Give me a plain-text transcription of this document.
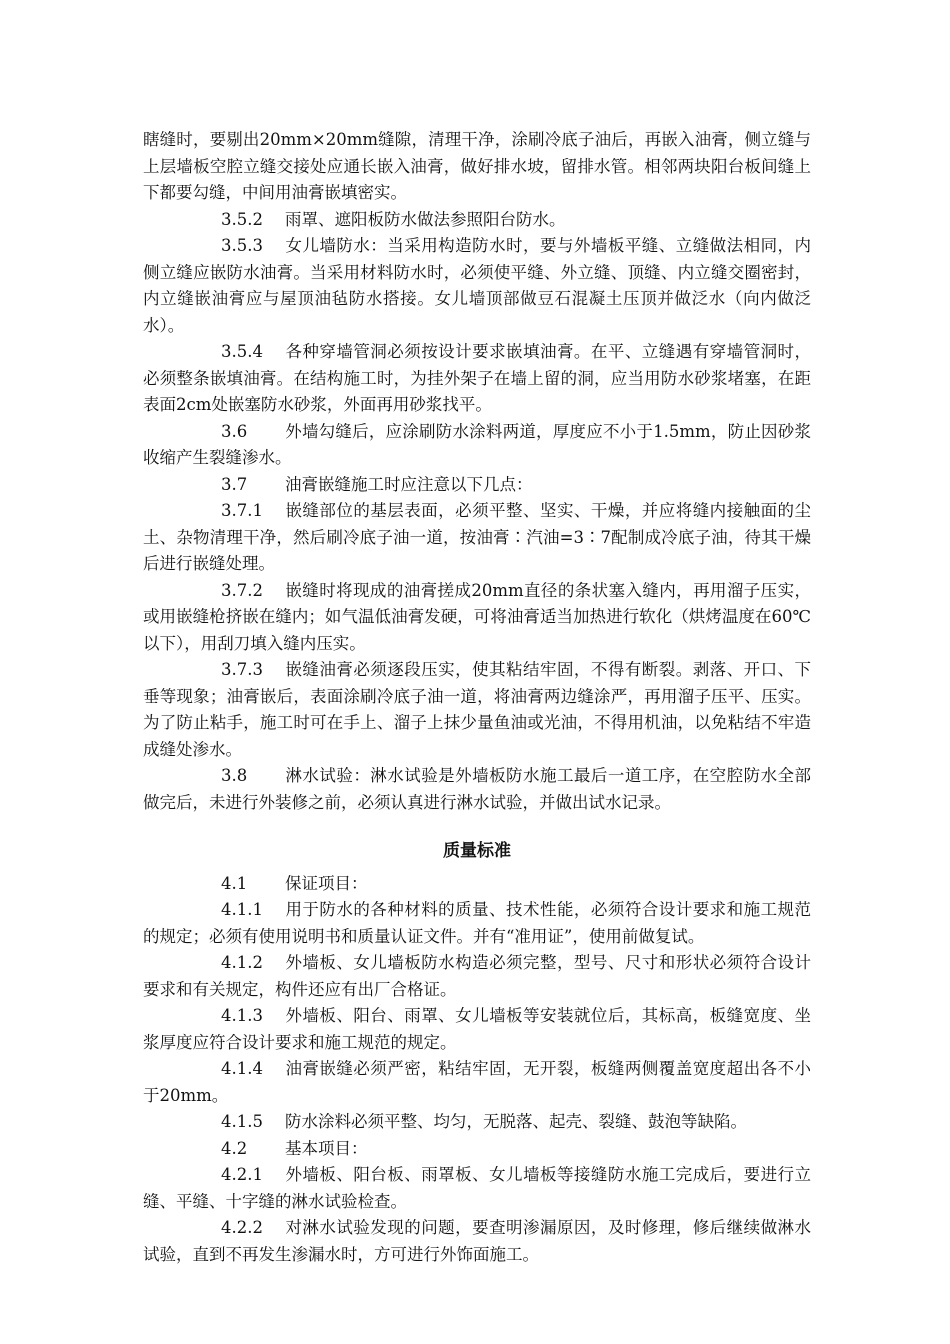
瞎缝时，要剔出20mm×20mm缝隙，清理干净，涂刷冷底子油后，再嵌入油膏，侧立缝与上层墙板空腔立缝交接处应通长嵌入油膏，做好排水坡，留排水管。相邻两块阳台板间缝上下都要勾缝，中间用油膏嵌填密实。

3.5.2 雨罩、遮阳板防水做法参照阳台防水。

3.5.3 女儿墙防水：当采用构造防水时，要与外墙板平缝、立缝做法相同，内侧立缝应嵌防水油膏。当采用材料防水时，必须使平缝、外立缝、顶缝、内立缝交圈密封，内立缝嵌油膏应与屋顶油毡防水搭接。女儿墙顶部做豆石混凝土压顶并做泛水（向内做泛水）。

3.5.4 各种穿墙管洞必须按设计要求嵌填油膏。在平、立缝遇有穿墙管洞时，必须整条嵌填油膏。在结构施工时，为挂外架子在墙上留的洞，应当用防水砂浆堵塞，在距表面2cm处嵌塞防水砂浆，外面再用砂浆找平。

3.6 外墙勾缝后，应涂刷防水涂料两道，厚度应不小于1.5mm，防止因砂浆收缩产生裂缝渗水。

3.7 油膏嵌缝施工时应注意以下几点：

3.7.1 嵌缝部位的基层表面，必须平整、坚实、干燥，并应将缝内接触面的尘土、杂物清理干净，然后刷冷底子油一道，按油膏∶汽油=3∶7配制成冷底子油，待其干燥后进行嵌缝处理。

3.7.2 嵌缝时将现成的油膏搓成20mm直径的条状塞入缝内，再用溜子压实，或用嵌缝枪挤嵌在缝内；如气温低油膏发硬，可将油膏适当加热进行软化（烘烤温度在60℃以下），用刮刀填入缝内压实。

3.7.3 嵌缝油膏必须逐段压实，使其粘结牢固，不得有断裂。剥落、开口、下垂等现象；油膏嵌后，表面涂刷冷底子油一道，将油膏两边缝涂严，再用溜子压平、压实。为了防止粘手，施工时可在手上、溜子上抹少量鱼油或光油，不得用机油，以免粘结不牢造成缝处渗水。

3.8 淋水试验：淋水试验是外墙板防水施工最后一道工序，在空腔防水全部做完后，未进行外装修之前，必须认真进行淋水试验，并做出试水记录。

质量标准

4.1 保证项目：

4.1.1 用于防水的各种材料的质量、技术性能，必须符合设计要求和施工规范的规定；必须有使用说明书和质量认证文件。并有“准用证”，使用前做复试。

4.1.2 外墙板、女儿墙板防水构造必须完整，型号、尺寸和形状必须符合设计要求和有关规定，构件还应有出厂合格证。

4.1.3 外墙板、阳台、雨罩、女儿墙板等安装就位后，其标高，板缝宽度、坐浆厚度应符合设计要求和施工规范的规定。

4.1.4 油膏嵌缝必须严密，粘结牢固，无开裂，板缝两侧覆盖宽度超出各不小于20mm。

4.1.5 防水涂料必须平整、均匀，无脱落、起壳、裂缝、鼓泡等缺陷。

4.2 基本项目：

4.2.1 外墙板、阳台板、雨罩板、女儿墙板等接缝防水施工完成后，要进行立缝、平缝、十字缝的淋水试验检查。

4.2.2 对淋水试验发现的问题，要查明渗漏原因，及时修理，修后继续做淋水试验，直到不再发生渗漏水时，方可进行外饰面施工。
